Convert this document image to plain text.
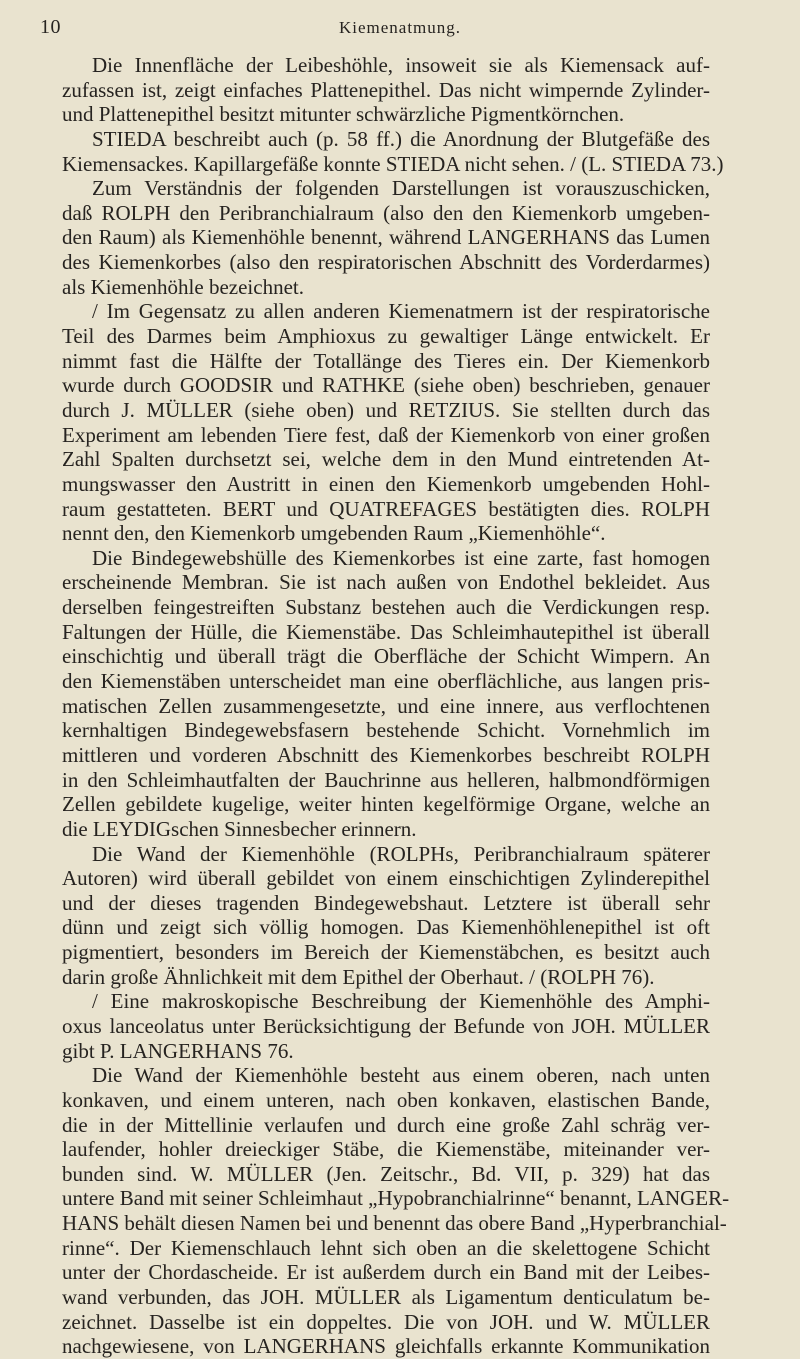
10	Kiemenatmung.
Die Innenfläche der Leibeshöhle, insoweit sie als Kiemensack auf-
zufassen ist, zeigt einfaches Plattenepithel. Das nicht wimpernde Zylinder-
und Plattenepithel besitzt mitunter schwärzliche Pigmentkörnchen.
STIEDA beschreibt auch (p. 58 ff.) die Anordnung der Blutgefäße des
Kiemensackes. Kapillargefäße konnte STIEDA nicht sehen. / (L. STIEDA 73.)
Zum Verständnis der folgenden Darstellungen ist vorauszuschicken,
daß ROLPH den Peribranchialraum (also den den Kiemenkorb umgeben-
den Raum) als Kiemenhöhle benennt, während LANGERHANS das Lumen
des Kiemenkorbes (also den respiratorischen Abschnitt des Vorderdarmes)
als Kiemenhöhle bezeichnet.
/ Im Gegensatz zu allen anderen Kiemenatmern ist der respiratorische
Teil des Darmes beim Amphioxus zu gewaltiger Länge entwickelt. Er
nimmt fast die Hälfte der Totallänge des Tieres ein. Der Kiemenkorb
wurde durch GOODSIR und RATHKE (siehe oben) beschrieben, genauer
durch J. MÜLLER (siehe oben) und RETZIUS. Sie stellten durch das
Experiment am lebenden Tiere fest, daß der Kiemenkorb von einer großen
Zahl Spalten durchsetzt sei, welche dem in den Mund eintretenden At-
mungswasser den Austritt in einen den Kiemenkorb umgebenden Hohl-
raum gestatteten. BERT und QUATREFAGES bestätigten dies. ROLPH
nennt den, den Kiemenkorb umgebenden Raum „Kiemenhöhle“.
Die Bindegewebshülle des Kiemenkorbes ist eine zarte, fast homogen
erscheinende Membran. Sie ist nach außen von Endothel bekleidet. Aus
derselben feingestreiften Substanz bestehen auch die Verdickungen resp.
Faltungen der Hülle, die Kiemenstäbe. Das Schleimhautepithel ist überall
einschichtig und überall trägt die Oberfläche der Schicht Wimpern. An
den Kiemenstäben unterscheidet man eine oberflächliche, aus langen pris-
matischen Zellen zusammengesetzte, und eine innere, aus verflochtenen
kernhaltigen Bindegewebsfasern bestehende Schicht. Vornehmlich im
mittleren und vorderen Abschnitt des Kiemenkorbes beschreibt ROLPH
in den Schleimhautfalten der Bauchrinne aus helleren, halbmondförmigen
Zellen gebildete kugelige, weiter hinten kegelförmige Organe, welche an
die LEYDIGschen Sinnesbecher erinnern.
Die Wand der Kiemenhöhle (ROLPHs, Peribranchialraum späterer
Autoren) wird überall gebildet von einem einschichtigen Zylinderepithel
und der dieses tragenden Bindegewebshaut. Letztere ist überall sehr
dünn und zeigt sich völlig homogen. Das Kiemenhöhlenepithel ist oft
pigmentiert, besonders im Bereich der Kiemenstäbchen, es besitzt auch
darin große Ähnlichkeit mit dem Epithel der Oberhaut. / (ROLPH 76).
/ Eine makroskopische Beschreibung der Kiemenhöhle des Amphi-
oxus lanceolatus unter Berücksichtigung der Befunde von JOH. MÜLLER
gibt P. LANGERHANS 76.
Die Wand der Kiemenhöhle besteht aus einem oberen, nach unten
konkaven, und einem unteren, nach oben konkaven, elastischen Bande,
die in der Mittellinie verlaufen und durch eine große Zahl schräg ver-
laufender, hohler dreieckiger Stäbe, die Kiemenstäbe, miteinander ver-
bunden sind. W. MÜLLER (Jen. Zeitschr., Bd. VII, p. 329) hat das
untere Band mit seiner Schleimhaut „Hypobranchialrinne“ benannt, LANGER-
HANS behält diesen Namen bei und benennt das obere Band „Hyperbranchial-
rinne“. Der Kiemenschlauch lehnt sich oben an die skelettogene Schicht
unter der Chordascheide. Er ist außerdem durch ein Band mit der Leibes-
wand verbunden, das JOH. MÜLLER als Ligamentum denticulatum be-
zeichnet. Dasselbe ist ein doppeltes. Die von JOH. und W. MÜLLER
nachgewiesene, von LANGERHANS gleichfalls erkannte Kommunikation
